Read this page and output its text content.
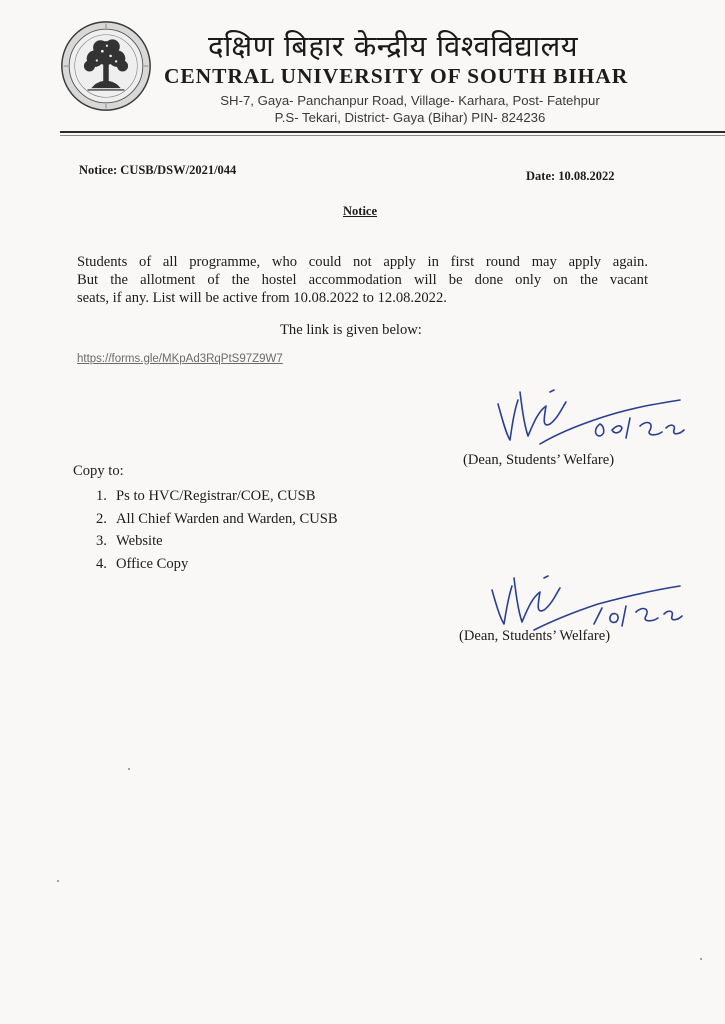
दक्षिण बिहार केन्द्रीय विश्वविद्यालय
CENTRAL UNIVERSITY OF SOUTH BIHAR
SH-7, Gaya- Panchanpur Road, Village- Karhara, Post- Fatehpur
P.S- Tekari, District- Gaya (Bihar) PIN- 824236
Notice: CUSB/DSW/2021/044	Date: 10.08.2022
Notice
Students of all programme, who could not apply in first round may apply again.
But the allotment of the hostel accommodation will be done only on the vacant
seats, if any. List will be active from 10.08.2022 to 12.08.2022.
The link is given below:
https://forms.gle/MKpAd3RqPtS97Z9W7
(Dean, Students’ Welfare)
Copy to:
1. Ps to HVC/Registrar/COE, CUSB
2. All Chief Warden and Warden, CUSB
3. Website
4. Office Copy
(Dean, Students’ Welfare)
